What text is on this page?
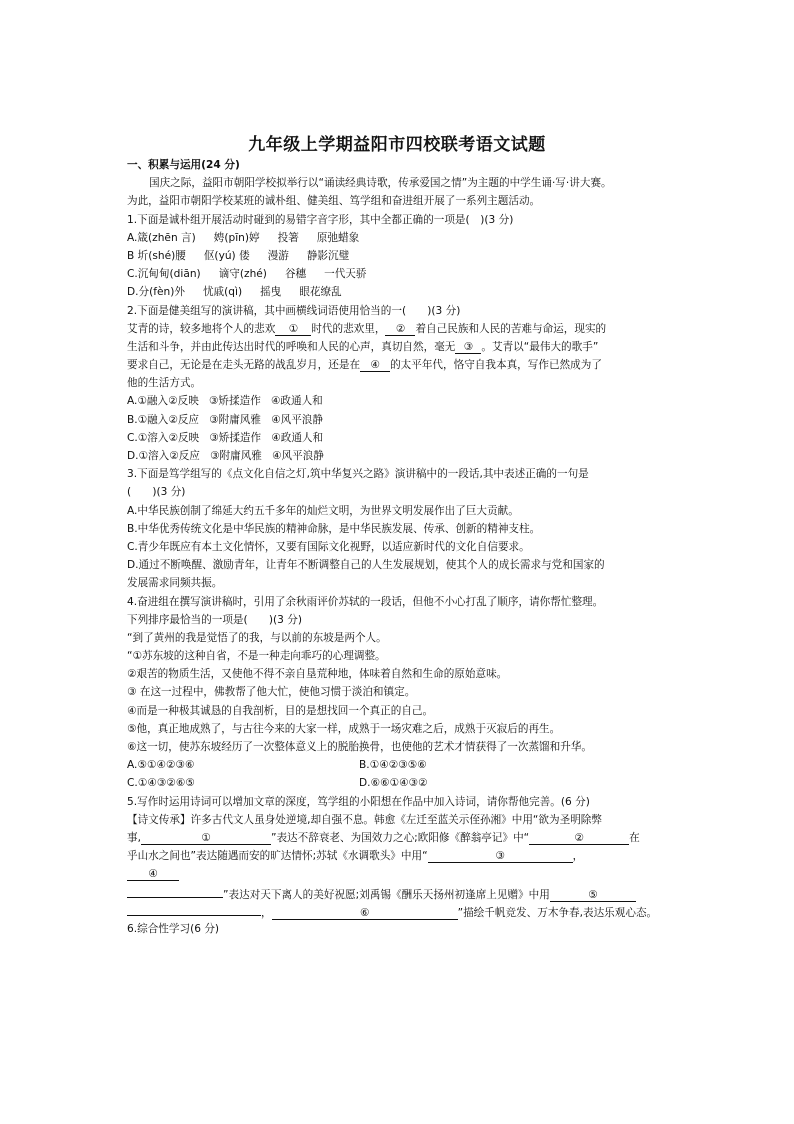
九年级上学期益阳市四校联考语文试题
一、积累与运用(24 分)
国庆之际，益阳市朝阳学校拟举行以“诵读经典诗歌，传承爱国之情”为主题的中学生诵·写·讲大赛。
为此，益阳市朝阳学校某班的诚朴组、健美组、笃学组和奋进组开展了一系列主题活动。
1.下面是诚朴组开展活动时碰到的易错字音字形，其中全都正确的一项是(　)(3 分)
A.箴(zhēn 言) 娉(pīn)婷 投箸 原弛蜡象
B 圻(shé)腰 伛(yú) 偻 漫游 静影沉璧
C.沉甸甸(diān) 谪守(zhé) 谷穗 一代天骄
D.分(fèn)外 忧戚(qì) 摇曳 眼花缭乱
2.下面是健美组写的演讲稿，其中画横线词语使用恰当的一(　　)(3 分)
艾青的诗，较多地将个人的悲欢 ① 时代的悲欢里， ② 着自己民族和人民的苦难与命运，现实的
生活和斗争，并由此传达出时代的呼唤和人民的心声，真切自然，毫无 ③ 。艾青以“最伟大的歌手”
要求自己，无论是在走头无路的战乱岁月，还是在 ④ 的太平年代，恪守自我本真，写作已然成为了
他的生活方式。
A.①融入②反映 ③矫揉造作 ④政通人和
B.①融入②反应 ③附庸风雅 ④风平浪静
C.①溶入②反映 ③矫揉造作 ④政通人和
D.①溶入②反应 ③附庸风雅 ④风平浪静
3.下面是笃学组写的《点文化自信之灯,筑中华复兴之路》演讲稿中的一段话,其中表述正确的一句是
(　　)(3 分)
A.中华民族创制了绵延大约五千多年的灿烂文明，为世界文明发展作出了巨大贡献。
B.中华优秀传统文化是中华民族的精神命脉，是中华民族发展、传承、创新的精神支柱。
C.青少年既应有本土文化情怀，又要有国际文化视野，以适应新时代的文化自信要求。
D.通过不断唤醒、激励青年，让青年不断调整自己的人生发展规划，使其个人的成长需求与党和国家的
发展需求同频共振。
4.奋进组在撰写演讲稿时，引用了余秋雨评价苏轼的一段话，但他不小心打乱了顺序，请你帮忙整理。
下列排序最恰当的一项是(　　)(3 分)
“到了黄州的我是觉悟了的我，与以前的东坡是两个人。
“①苏东坡的这种自省，不是一种走向乖巧的心理调整。
②艰苦的物质生活，又使他不得不亲自垦荒种地，体味着自然和生命的原始意味。
③ 在这一过程中，佛教帮了他大忙，使他习惯于淡泊和镇定。
④而是一种极其诚恳的自我剖析，目的是想找回一个真正的自己。
⑤他，真正地成熟了，与古往今来的大家一样，成熟于一场灾难之后，成熟于灭寂后的再生。
⑥这一切，使苏东坡经历了一次整体意义上的脱胎换骨，也使他的艺术才情获得了一次蒸馏和升华。
A.⑤①④②③⑥	B.①④②③⑤⑥
C.①④③②⑥⑤	D.⑥⑥①④③②
5.写作时运用诗词可以增加文章的深度，笃学组的小阳想在作品中加入诗词，请你帮他完善。(6 分)
【诗文传承】许多古代文人虽身处逆境,却自强不息。韩愈《左迁至蓝关示侄孙湘》中用“欲为圣明除弊
事,	①	”表达不辞衰老、为国效力之心;欧阳修《醉翁亭记》中“	②	在
乎山水之间也”表达随遇而安的旷达情怀;苏轼《水调歌头》中用“	③	，
④
”表达对天下离人的美好祝愿;刘禹锡《酬乐天扬州初逢席上见赠》中用	⑤
，	⑥	”描绘千帆竞发、万木争春,表达乐观心态。
6.综合性学习(6 分)
